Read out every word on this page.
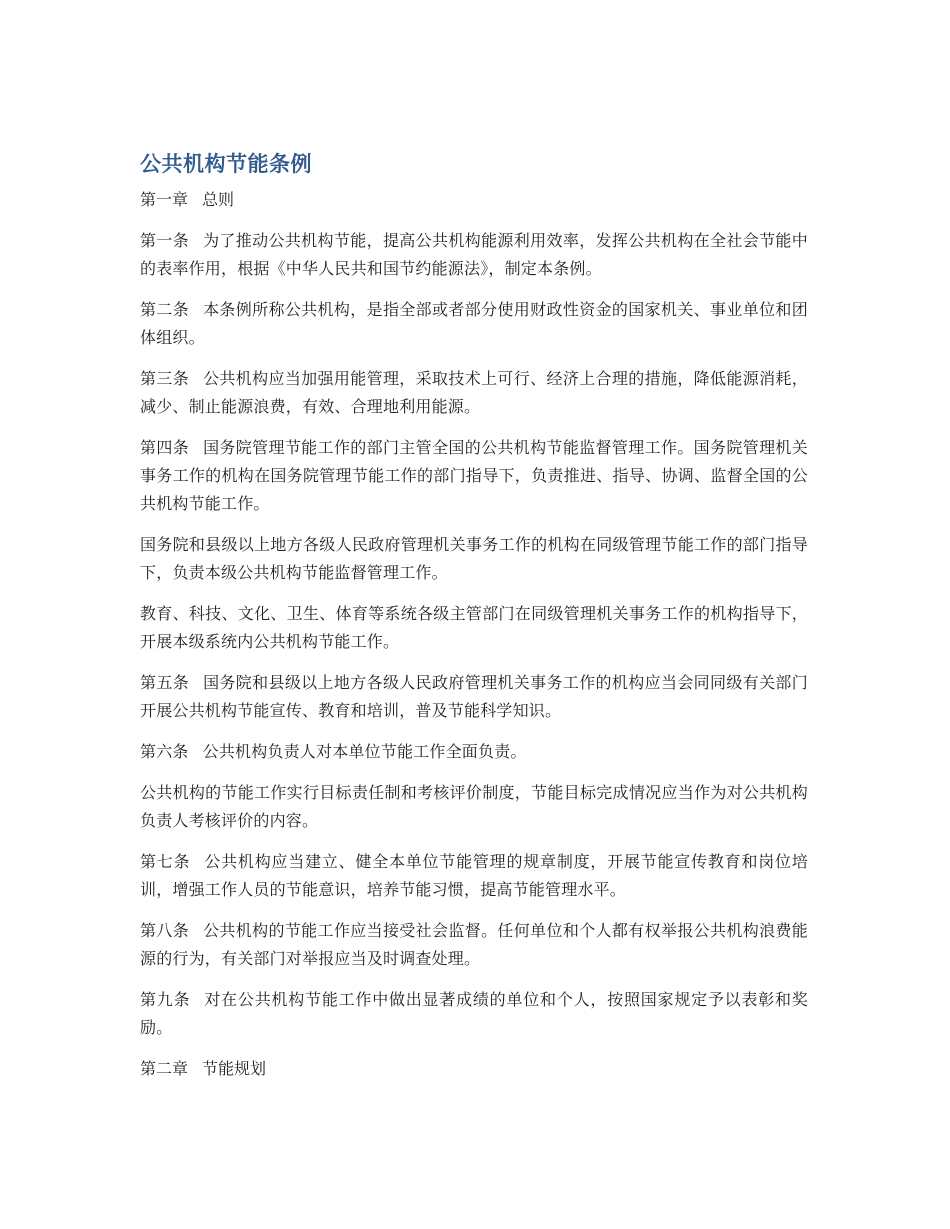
公共机构节能条例

第一章 总则

第一条 为了推动公共机构节能，提高公共机构能源利用效率，发挥公共机构在全社会节能中的表率作用，根据《中华人民共和国节约能源法》，制定本条例。

第二条 本条例所称公共机构，是指全部或者部分使用财政性资金的国家机关、事业单位和团体组织。

第三条 公共机构应当加强用能管理，采取技术上可行、经济上合理的措施，降低能源消耗，减少、制止能源浪费，有效、合理地利用能源。

第四条 国务院管理节能工作的部门主管全国的公共机构节能监督管理工作。国务院管理机关事务工作的机构在国务院管理节能工作的部门指导下，负责推进、指导、协调、监督全国的公共机构节能工作。

国务院和县级以上地方各级人民政府管理机关事务工作的机构在同级管理节能工作的部门指导下，负责本级公共机构节能监督管理工作。

教育、科技、文化、卫生、体育等系统各级主管部门在同级管理机关事务工作的机构指导下，开展本级系统内公共机构节能工作。

第五条 国务院和县级以上地方各级人民政府管理机关事务工作的机构应当会同同级有关部门开展公共机构节能宣传、教育和培训，普及节能科学知识。

第六条 公共机构负责人对本单位节能工作全面负责。

公共机构的节能工作实行目标责任制和考核评价制度，节能目标完成情况应当作为对公共机构负责人考核评价的内容。

第七条 公共机构应当建立、健全本单位节能管理的规章制度，开展节能宣传教育和岗位培训，增强工作人员的节能意识，培养节能习惯，提高节能管理水平。

第八条 公共机构的节能工作应当接受社会监督。任何单位和个人都有权举报公共机构浪费能源的行为，有关部门对举报应当及时调查处理。

第九条 对在公共机构节能工作中做出显著成绩的单位和个人，按照国家规定予以表彰和奖励。

第二章 节能规划
